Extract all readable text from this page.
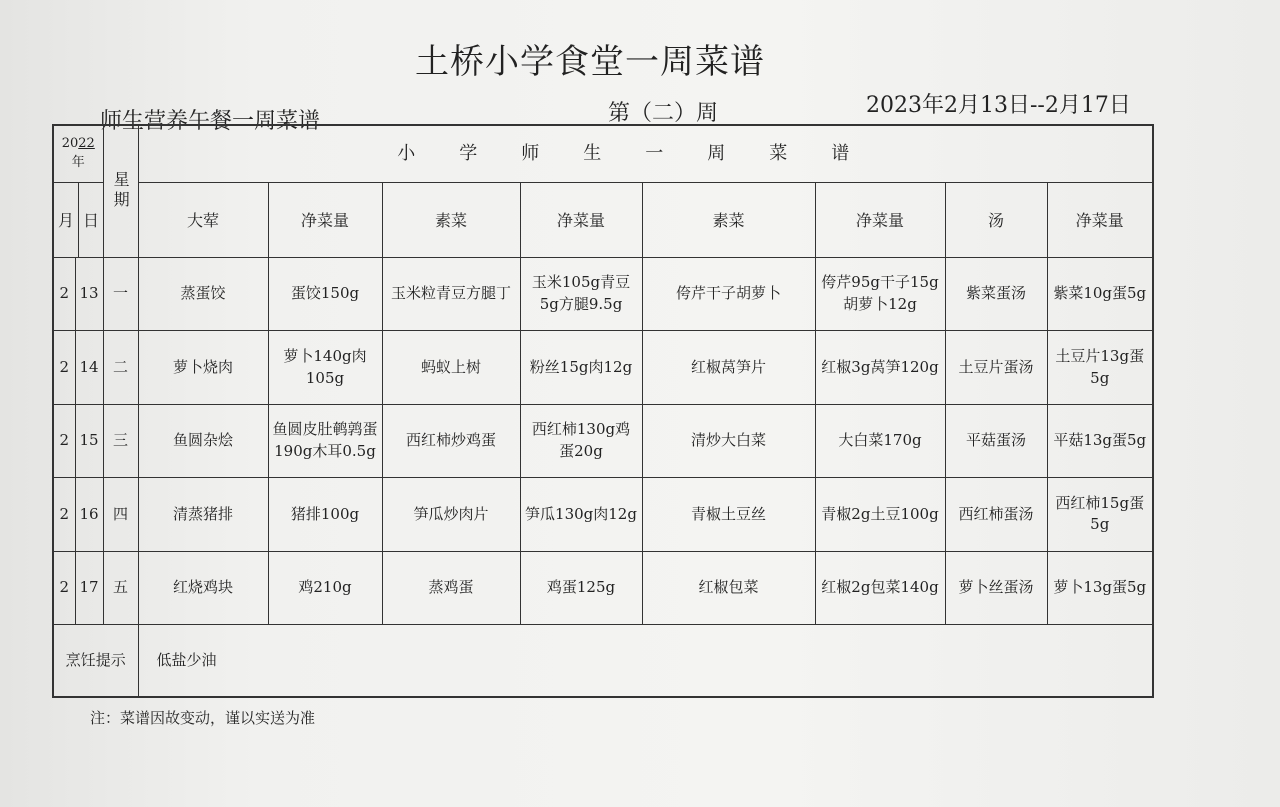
土桥小学食堂一周菜谱
师生营养午餐一周菜谱	第（二）周	2023年2月13日--2月17日
2022
年	星期	小学师生一周菜谱

月	日
		大荤	净菜量	素菜	净菜量	素菜	净菜量	汤	净菜量

2	13	一	蒸蛋饺	蛋饺150g	玉米粒青豆方腿丁	玉米105g青豆5g方腿9.5g	侉芹干子胡萝卜	侉芹95g干子15g胡萝卜12g	紫菜蛋汤	紫菜10g蛋5g
2	14	二	萝卜烧肉	萝卜140g肉105g	蚂蚁上树	粉丝15g肉12g	红椒莴笋片	红椒3g莴笋120g	土豆片蛋汤	土豆片13g蛋5g
2	15	三	鱼圆杂烩	鱼圆皮肚鹌鹑蛋190g木耳0.5g	西红柿炒鸡蛋	西红柿130g鸡蛋20g	清炒大白菜	大白菜170g	平菇蛋汤	平菇13g蛋5g
2	16	四	清蒸猪排	猪排100g	笋瓜炒肉片	笋瓜130g肉12g	青椒土豆丝	青椒2g土豆100g	西红柿蛋汤	西红柿15g蛋5g
2	17	五	红烧鸡块	鸡210g	蒸鸡蛋	鸡蛋125g	红椒包菜	红椒2g包菜140g	萝卜丝蛋汤	萝卜13g蛋5g
烹饪提示	低盐少油
注：菜谱因故变动，谨以实送为准
